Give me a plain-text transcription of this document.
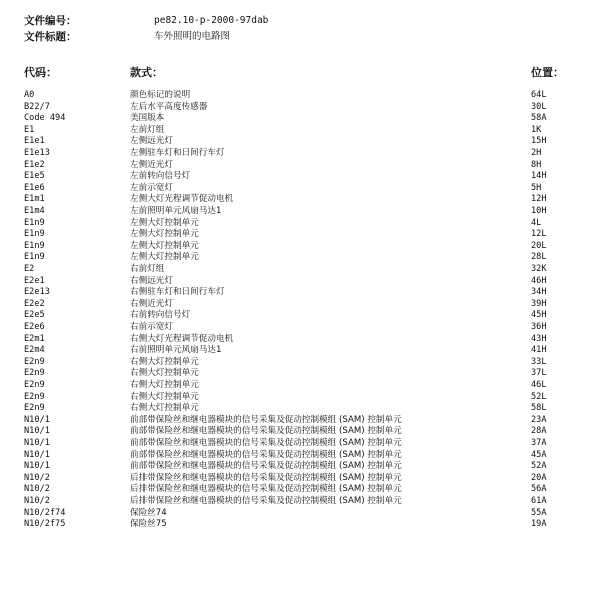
文件编号：	pe82.10-p-2000-97dab
文件标题：	车外照明的电路图
代码：	款式：	位置：
A0	颜色标记的说明	64L
B22/7	左后水平高度传感器	30L
Code 494	美国版本	58A
E1	左前灯组	1K
E1e1	左侧远光灯	15H
E1e13	左侧驻车灯和日间行车灯	2H
E1e2	左侧近光灯	8H
E1e5	左前转向信号灯	14H
E1e6	左前示宽灯	5H
E1m1	左侧大灯光程调节促动电机	12H
E1m4	左前照明单元风扇马达1	10H
E1n9	左侧大灯控制单元	4L
E1n9	左侧大灯控制单元	12L
E1n9	左侧大灯控制单元	20L
E1n9	左侧大灯控制单元	28L
E2	右前灯组	32K
E2e1	右侧远光灯	46H
E2e13	右侧驻车灯和日间行车灯	34H
E2e2	右侧近光灯	39H
E2e5	右前转向信号灯	45H
E2e6	右前示宽灯	36H
E2m1	右侧大灯光程调节促动电机	43H
E2m4	右前照明单元风扇马达1	41H
E2n9	右侧大灯控制单元	33L
E2n9	右侧大灯控制单元	37L
E2n9	右侧大灯控制单元	46L
E2n9	右侧大灯控制单元	52L
E2n9	右侧大灯控制单元	58L
N10/1	前部带保险丝和继电器模块的信号采集及促动控制模组 (SAM) 控制单元	23A
N10/1	前部带保险丝和继电器模块的信号采集及促动控制模组 (SAM) 控制单元	28A
N10/1	前部带保险丝和继电器模块的信号采集及促动控制模组 (SAM) 控制单元	37A
N10/1	前部带保险丝和继电器模块的信号采集及促动控制模组 (SAM) 控制单元	45A
N10/1	前部带保险丝和继电器模块的信号采集及促动控制模组 (SAM) 控制单元	52A
N10/2	后排带保险丝和继电器模块的信号采集及促动控制模组 (SAM) 控制单元	20A
N10/2	后排带保险丝和继电器模块的信号采集及促动控制模组 (SAM) 控制单元	56A
N10/2	后排带保险丝和继电器模块的信号采集及促动控制模组 (SAM) 控制单元	61A
N10/2f74	保险丝74	55A
N10/2f75	保险丝75	19A
